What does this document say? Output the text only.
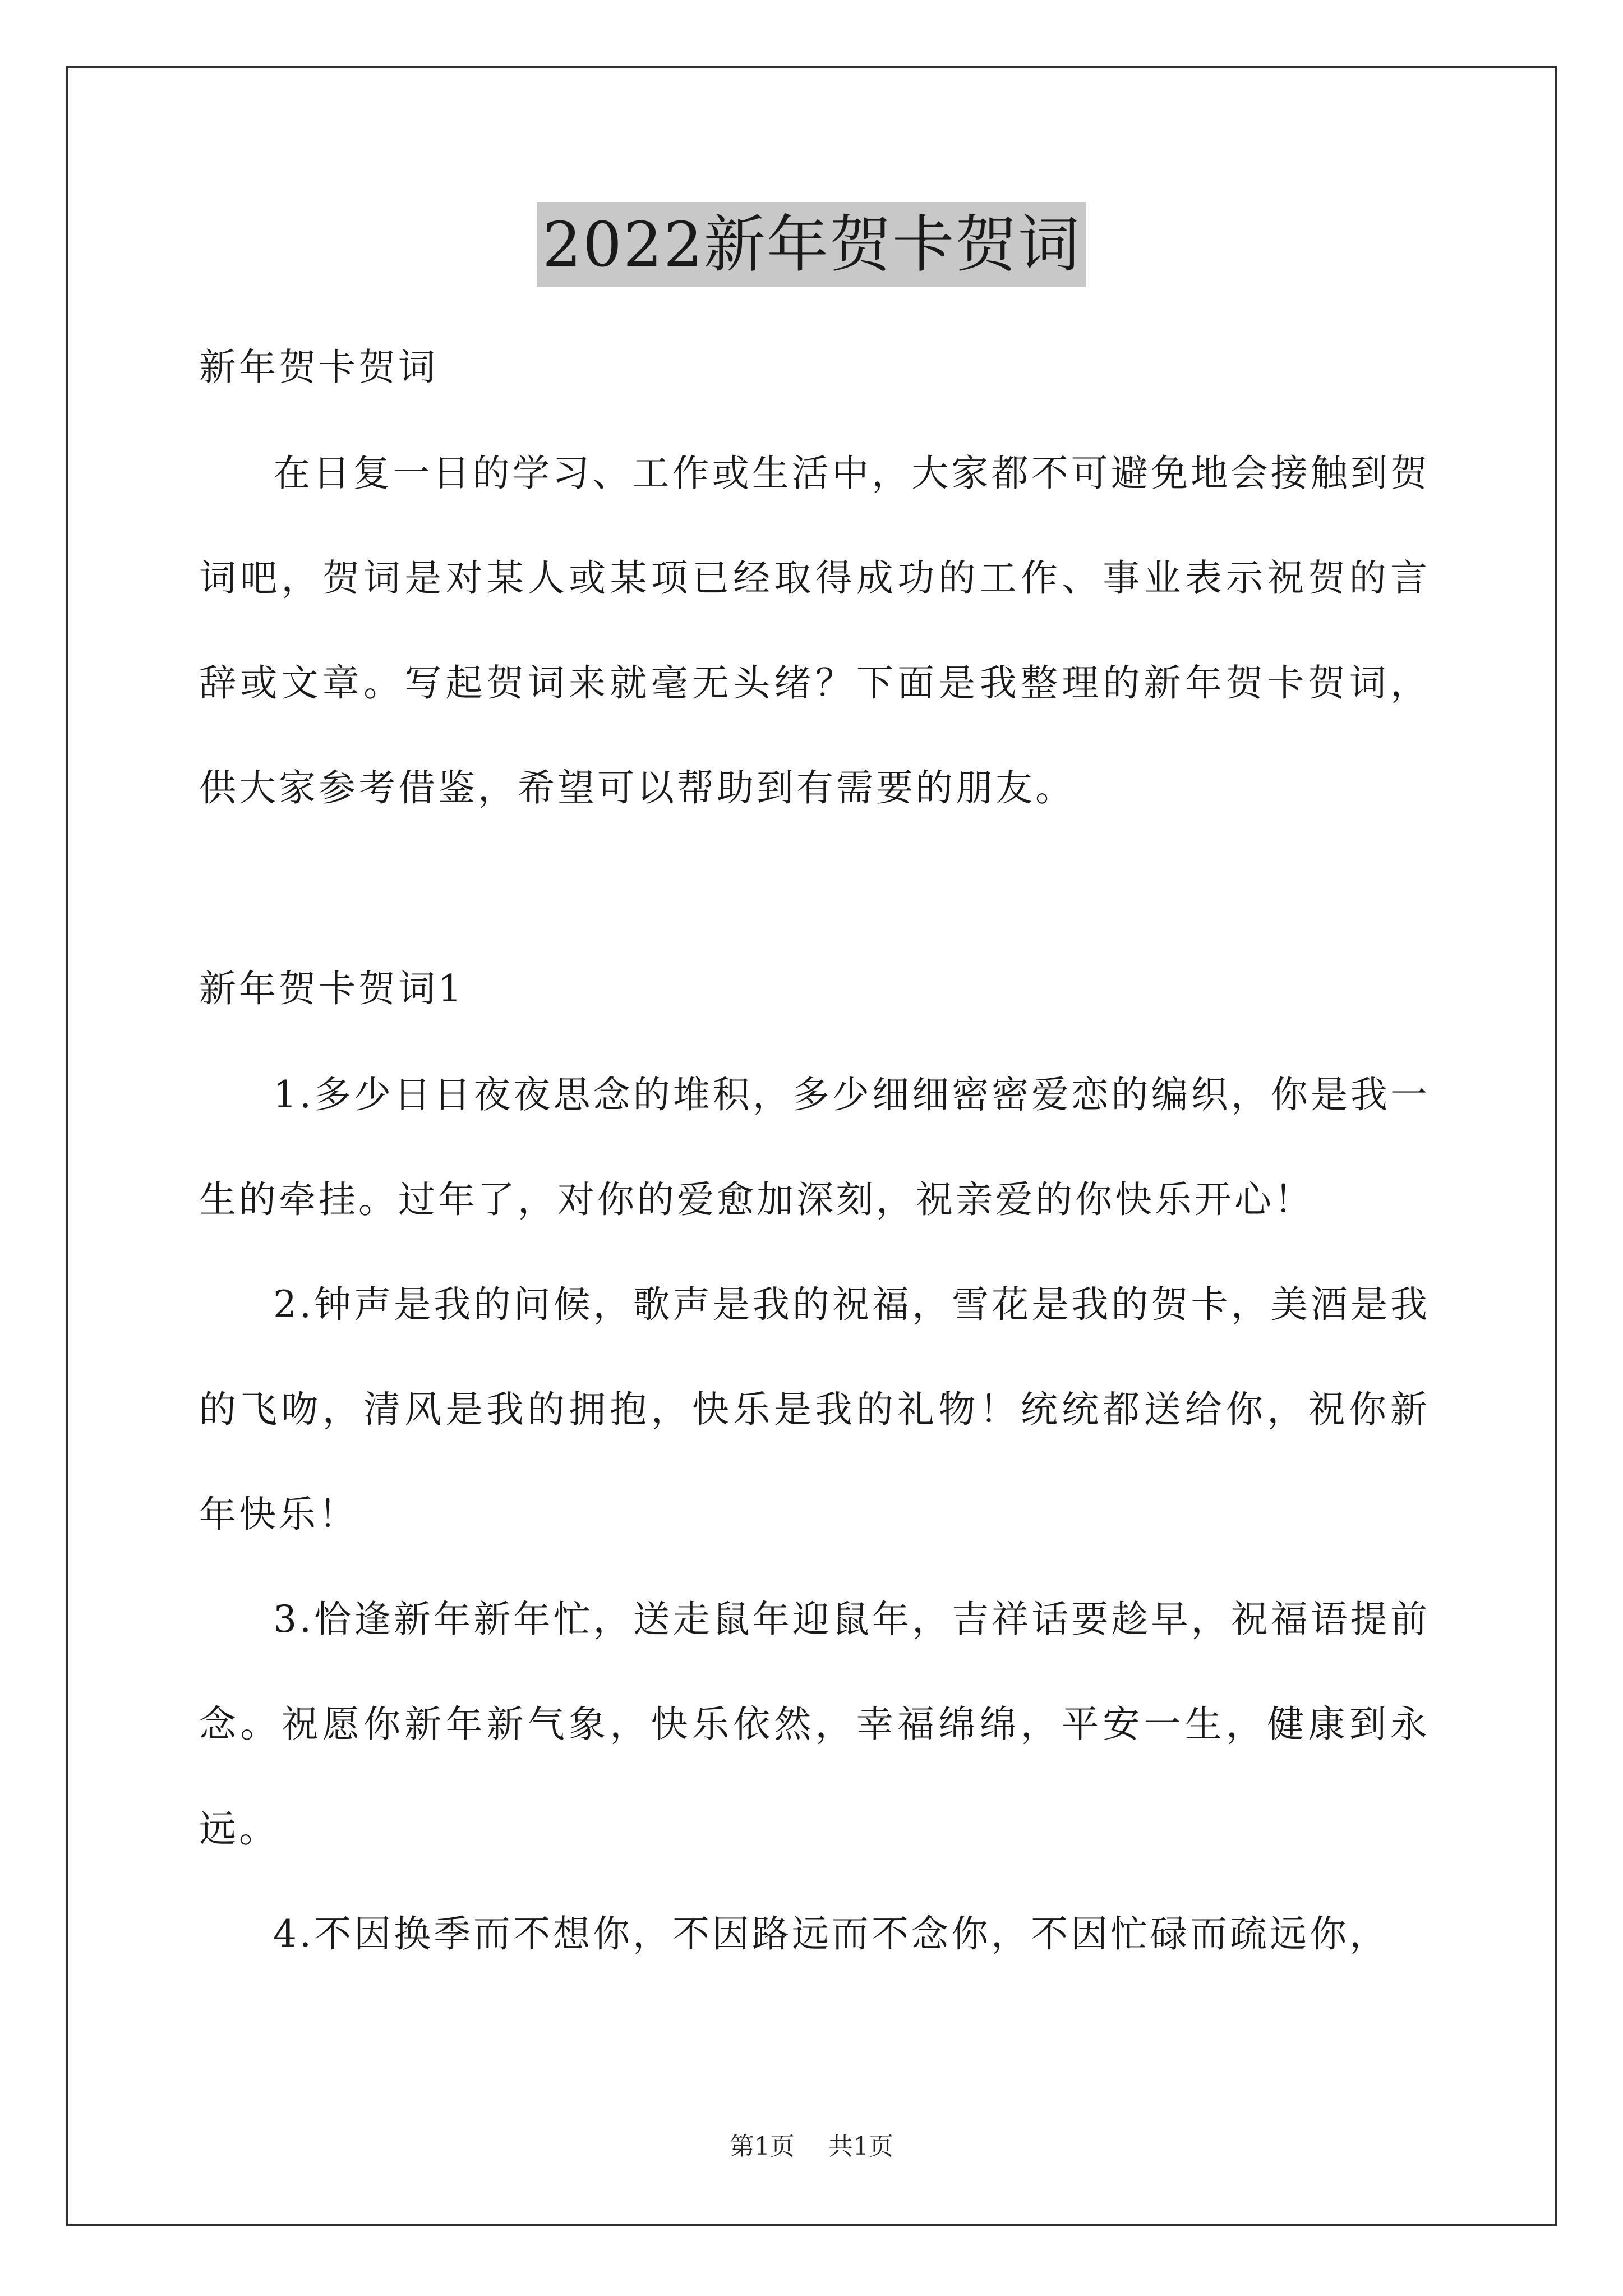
2022新年贺卡贺词

新年贺卡贺词

在日复一日的学习、工作或生活中，大家都不可避免地会接触到贺词吧，贺词是对某人或某项已经取得成功的工作、事业表示祝贺的言辞或文章。写起贺词来就毫无头绪？下面是我整理的新年贺卡贺词，供大家参考借鉴，希望可以帮助到有需要的朋友。

新年贺卡贺词1

1.多少日日夜夜思念的堆积，多少细细密密爱恋的编织，你是我一生的牵挂。过年了，对你的爱愈加深刻，祝亲爱的你快乐开心！

2.钟声是我的问候，歌声是我的祝福，雪花是我的贺卡，美酒是我的飞吻，清风是我的拥抱，快乐是我的礼物！统统都送给你，祝你新年快乐！

3.恰逢新年新年忙，送走鼠年迎鼠年，吉祥话要趁早，祝福语提前念。祝愿你新年新气象，快乐依然，幸福绵绵，平安一生，健康到永远。

4.不因换季而不想你，不因路远而不念你，不因忙碌而疏远你，

第1页 共1页
